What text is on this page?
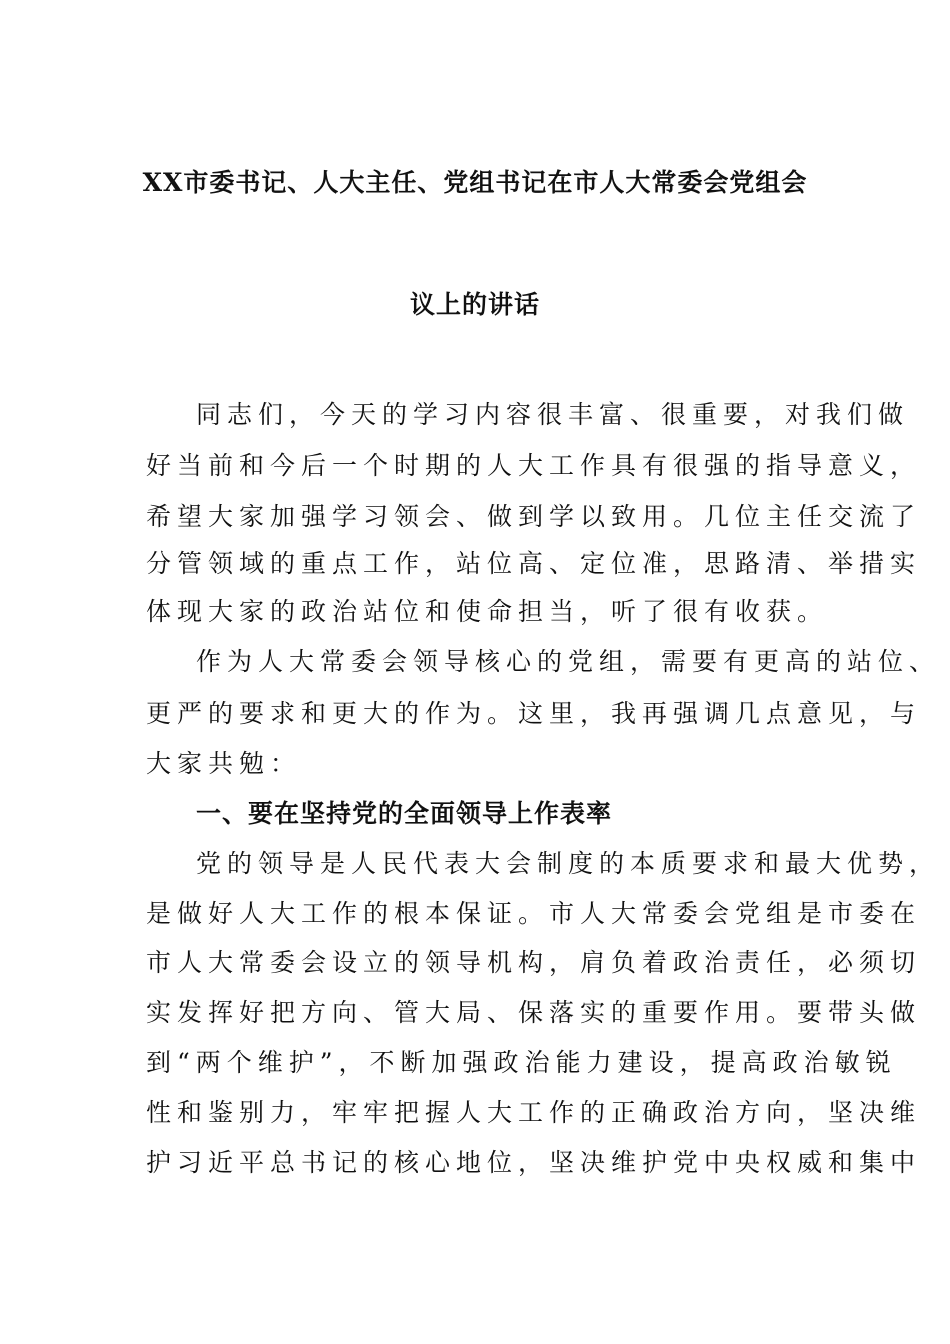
XX市委书记、人大主任、党组书记在市人大常委会党组会
议上的讲话
同志们，今天的学习内容很丰富、很重要，对我们做
好当前和今后一个时期的人大工作具有很强的指导意义，
希望大家加强学习领会、做到学以致用。几位主任交流了
分管领域的重点工作，站位高、定位准，思路清、举措实
体现大家的政治站位和使命担当，听了很有收获。
作为人大常委会领导核心的党组，需要有更高的站位、
更严的要求和更大的作为。这里，我再强调几点意见，与
大家共勉：
一、要在坚持党的全面领导上作表率
党的领导是人民代表大会制度的本质要求和最大优势，
是做好人大工作的根本保证。市人大常委会党组是市委在
市人大常委会设立的领导机构，肩负着政治责任，必须切
实发挥好把方向、管大局、保落实的重要作用。要带头做
到“两个维护”，不断加强政治能力建设，提高政治敏锐
性和鉴别力，牢牢把握人大工作的正确政治方向，坚决维
护习近平总书记的核心地位，坚决维护党中央权威和集中
